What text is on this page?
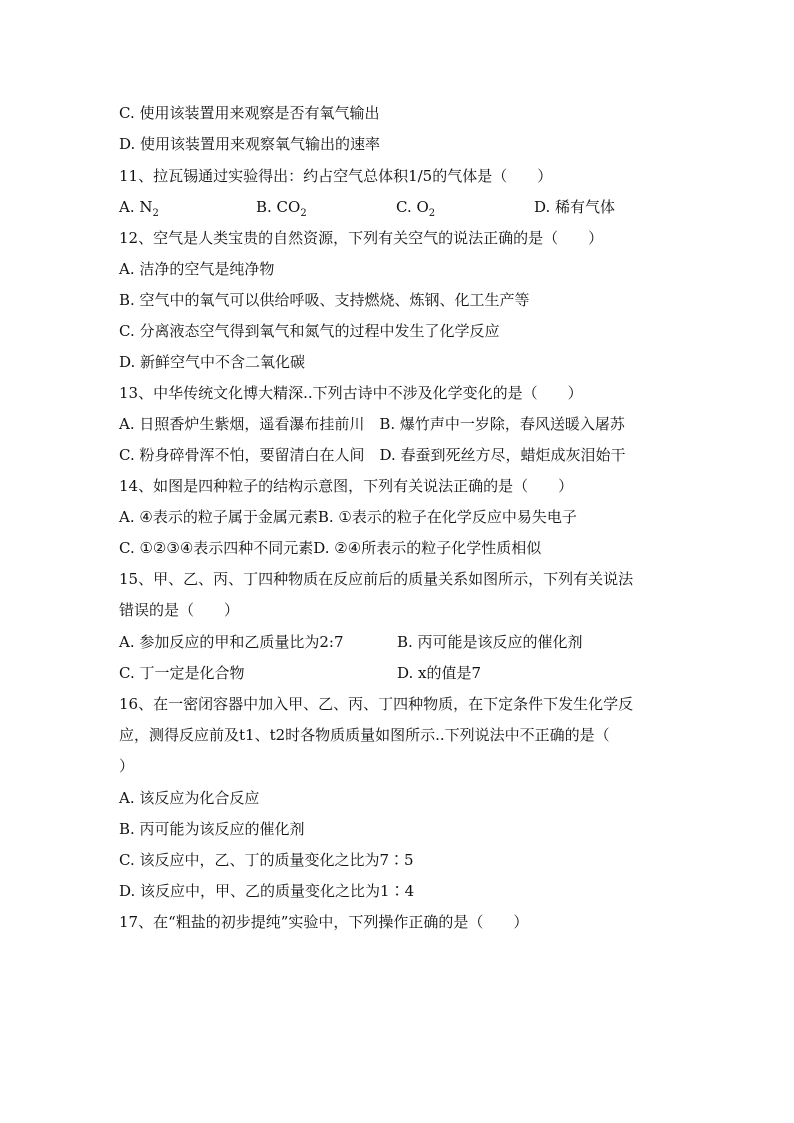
C. 使用该装置用来观察是否有氧气输出
D. 使用该装置用来观察氧气输出的速率
11、拉瓦锡通过实验得出：约占空气总体积1/5的气体是（　　）
A. $N_2$	B. $CO_2$	C. $O_2$	D. 稀有气体
12、空气是人类宝贵的自然资源，下列有关空气的说法正确的是（　　）
A. 洁净的空气是纯净物
B. 空气中的氧气可以供给呼吸、支持燃烧、炼钢、化工生产等
C. 分离液态空气得到氧气和氮气的过程中发生了化学反应
D. 新鲜空气中不含二氧化碳
13、中华传统文化博大精深..下列古诗中不涉及化学变化的是（　　）
A. 日照香炉生紫烟，遥看瀑布挂前川　B. 爆竹声中一岁除，春风送暖入屠苏
C. 粉身碎骨浑不怕，要留清白在人间　D. 春蚕到死丝方尽，蜡炬成灰泪始干
14、如图是四种粒子的结构示意图，下列有关说法正确的是（　　）
A. ④表示的粒子属于金属元素B. ①表示的粒子在化学反应中易失电子
C. ①②③④表示四种不同元素D. ②④所表示的粒子化学性质相似
15、甲、乙、丙、丁四种物质在反应前后的质量关系如图所示，下列有关说法
错误的是（　　）
A. 参加反应的甲和乙质量比为2:7	B. 丙可能是该反应的催化剂
C. 丁一定是化合物	D. x的值是7
16、在一密闭容器中加入甲、乙、丙、丁四种物质，在下定条件下发生化学反
应，测得反应前及t1、t2时各物质质量如图所示..下列说法中不正确的是（
）
A. 该反应为化合反应
B. 丙可能为该反应的催化剂
C. 该反应中，乙、丁的质量变化之比为7∶5
D. 该反应中，甲、乙的质量变化之比为1∶4
17、在“粗盐的初步提纯”实验中，下列操作正确的是（　　）
